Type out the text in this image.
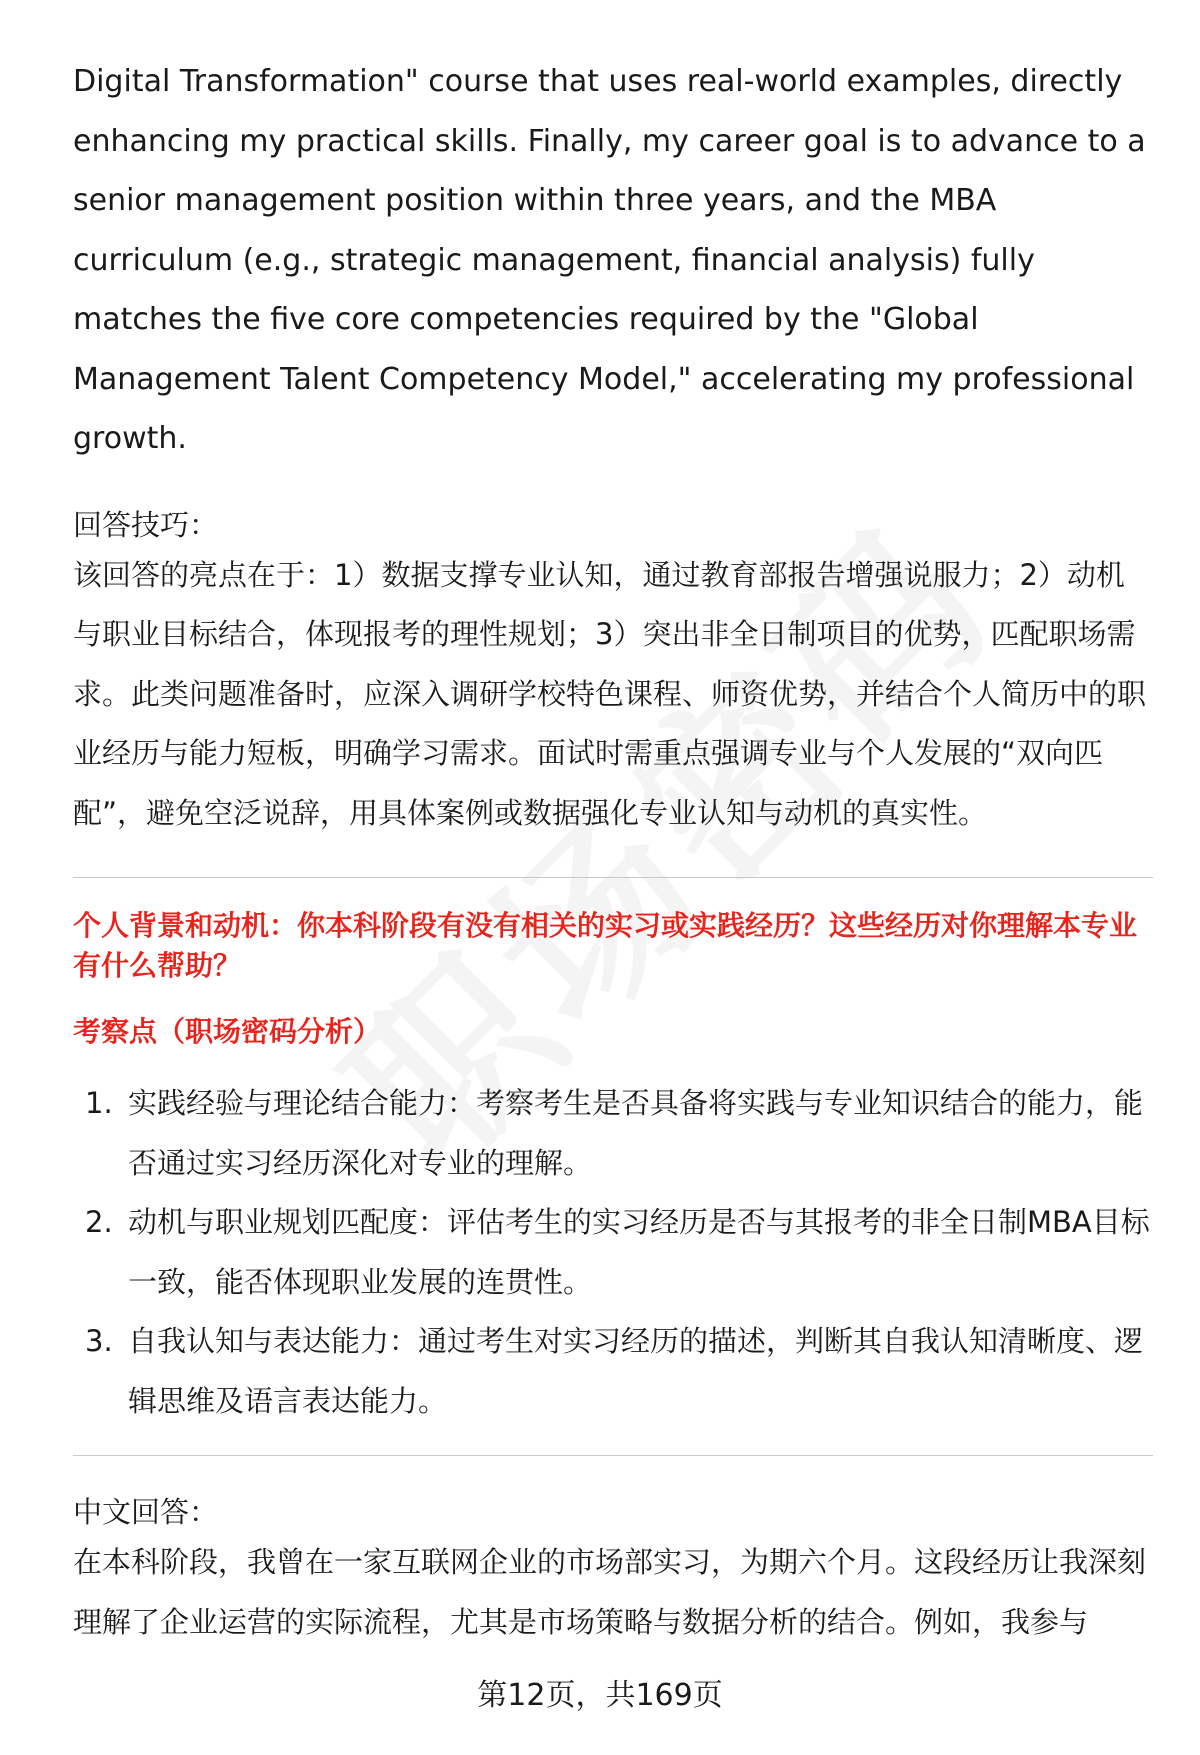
Digital Transformation" course that uses real-world examples, directly enhancing my practical skills. Finally, my career goal is to advance to a senior management position within three years, and the MBA curriculum (e.g., strategic management, financial analysis) fully matches the five core competencies required by the "Global Management Talent Competency Model," accelerating my professional growth.

回答技巧：

该回答的亮点在于：1）数据支撑专业认知，通过教育部报告增强说服力；2）动机与职业目标结合，体现报考的理性规划；3）突出非全日制项目的优势，匹配职场需求。此类问题准备时，应深入调研学校特色课程、师资优势，并结合个人简历中的职业经历与能力短板，明确学习需求。面试时需重点强调专业与个人发展的“双向匹配”，避免空泛说辞，用具体案例或数据强化专业认知与动机的真实性。

个人背景和动机：你本科阶段有没有相关的实习或实践经历？这些经历对你理解本专业有什么帮助？

考察点（职场密码分析）

1. 实践经验与理论结合能力：考察考生是否具备将实践与专业知识结合的能力，能否通过实习经历深化对专业的理解。
2. 动机与职业规划匹配度：评估考生的实习经历是否与其报考的非全日制MBA目标一致，能否体现职业发展的连贯性。
3. 自我认知与表达能力：通过考生对实习经历的描述，判断其自我认知清晰度、逻辑思维及语言表达能力。

中文回答：

在本科阶段，我曾在一家互联网企业的市场部实习，为期六个月。这段经历让我深刻理解了企业运营的实际流程，尤其是市场策略与数据分析的结合。例如，我参与

第12页，共169页
